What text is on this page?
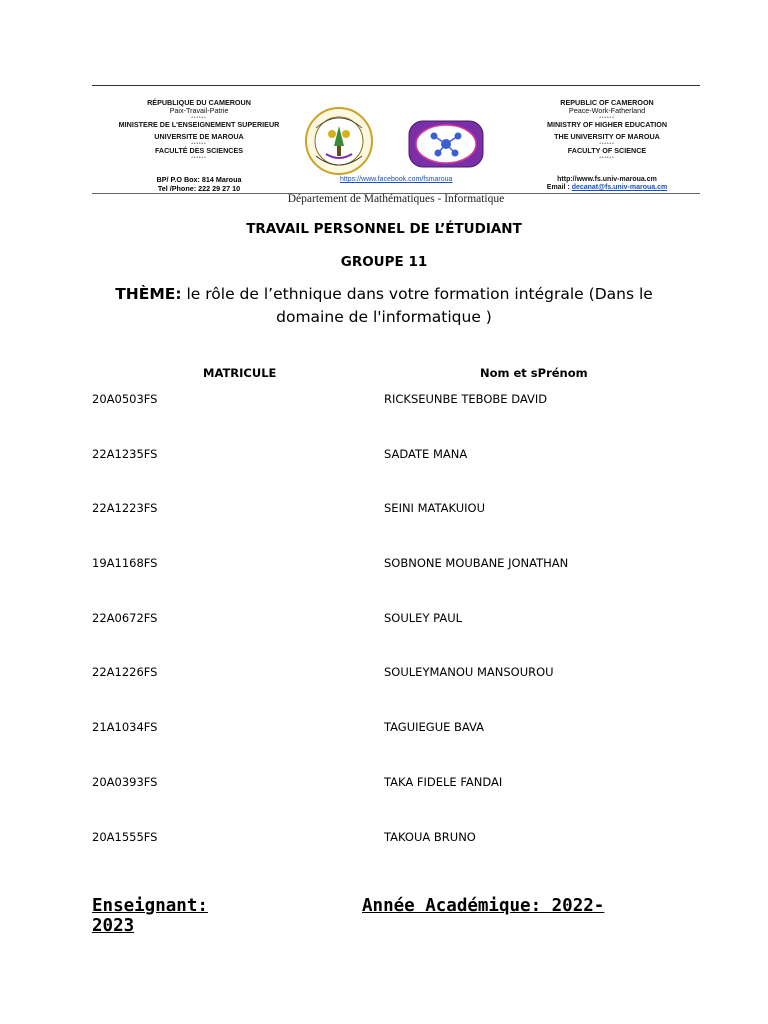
RÉPUBLIQUE DU CAMEROUN
Paix-Travail-Patrie
******
MINISTERE DE L'ENSEIGNEMENT SUPERIEUR
UNIVERSITE DE MAROUA
******
FACULTÉ DES SCIENCES
******
BP/ P.O Box: 814 Maroua
Tel /Phone: 222 29 27 10
https://www.facebook.com/fsmaroua
REPUBLIC OF CAMEROON
Peace-Work-Fatherland
******
MINISTRY OF HIGHER EDUCATION
THE UNIVERSITY OF MAROUA
******
FACULTY OF SCIENCE
******
http://www.fs.univ-maroua.cm
Email : decanat@fs.univ-maroua.cm
Département de Mathématiques - Informatique
TRAVAIL PERSONNEL DE L’ÉTUDIANT
GROUPE 11
THÈME: le rôle de l’ethnique dans votre formation intégrale (Dans le domaine de l'informatique )
MATRICULE	Nom et sPrénom
20A0503FS	RICKSEUNBE TEBOBE DAVID
22A1235FS	SADATE MANA
22A1223FS	SEINI MATAKUIOU
19A1168FS	SOBNONE MOUBANE JONATHAN
22A0672FS	SOULEY PAUL
22A1226FS	SOULEYMANOU MANSOUROU
21A1034FS	TAGUIEGUE BAVA
20A0393FS	TAKA FIDELE FANDAI
20A1555FS	TAKOUA BRUNO
Enseignant:	Année Académique: 2022-
2023
